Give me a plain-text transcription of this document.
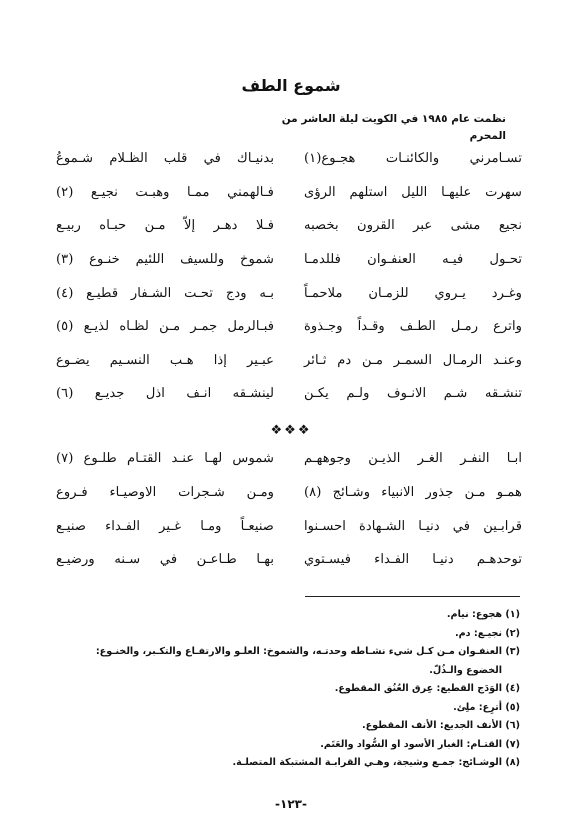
شموع الطف
نظمت عام ١٩٨٥ في الكويت ليلة العاشر من المحرم
تسـامرني والكائنـات هجـوع(١)
بدنيـاك في قلب الظـلام شـموعُ
سهرت عليهـا الليل استلهم الرؤى
فـالهمني ممـا وهبـت نجيـع (٢)
نجيع مشى عبر القرون بخصبه
فـلا دهـر إلاّ مـن حبـاه ربيـع
تحـول فيـه العنفـوان فللدمـا
شموخ وللسيف اللئيم خنـوع (٣)
وغـرد يـروي للزمـان ملاحمـاً
بـه ودج تحـت الشـفار قطيـع (٤)
واترع رمـل الطـف وقـداً وجـذوة
فبـالرمل جمـر مـن لظـاه لذيـع (٥)
وعنـد الرمـال السمـر مـن دم ثـائر
عبـير إذا هـب النسـيم يضـوع
تنشـقه شـم الانـوف ولـم يكـن
لينشـقه انـف اذل جديـع (٦)
❖❖❖
ابـا النفـر الغـر الذيـن وجوههـم
شموس لهـا عنـد القتـام طلـوع (٧)
همـو مـن جذور الانبياء وشـائج (٨)
ومـن شـجرات الاوصيـاء فـروع
قرابـين في دنيـا الشـهادة احسـنوا
صنيعـاً ومـا غـير الفـداء صنيـع
توحدهـم دنيـا الفـداء فيسـتوي
بهـا طـاعـن في سـنه ورضيـع
(١) هجوع: نيام.
(٢) نجيـع: دم.
(٣) العنفـوان مـن كـل شيء نشـاطه وحدتـه، والشموخ: العلـو والارتفـاع والتكـبر، والخنـوع:
الخضوع والـذُلّ.
(٤) الوَدَج القطيع: عِرق العُنُق المقطوع.
(٥) أترِع: ملِئ.
(٦) الأنف الجديع: الأنف المقطوع.
(٧) القتـام: الغبار الأسود او السُّواد والعَتَم.
(٨) الوشـائج: جمـع وشيجة، وهـي القرابـة المشتبكة المتصلـة.
-١٢٣-
